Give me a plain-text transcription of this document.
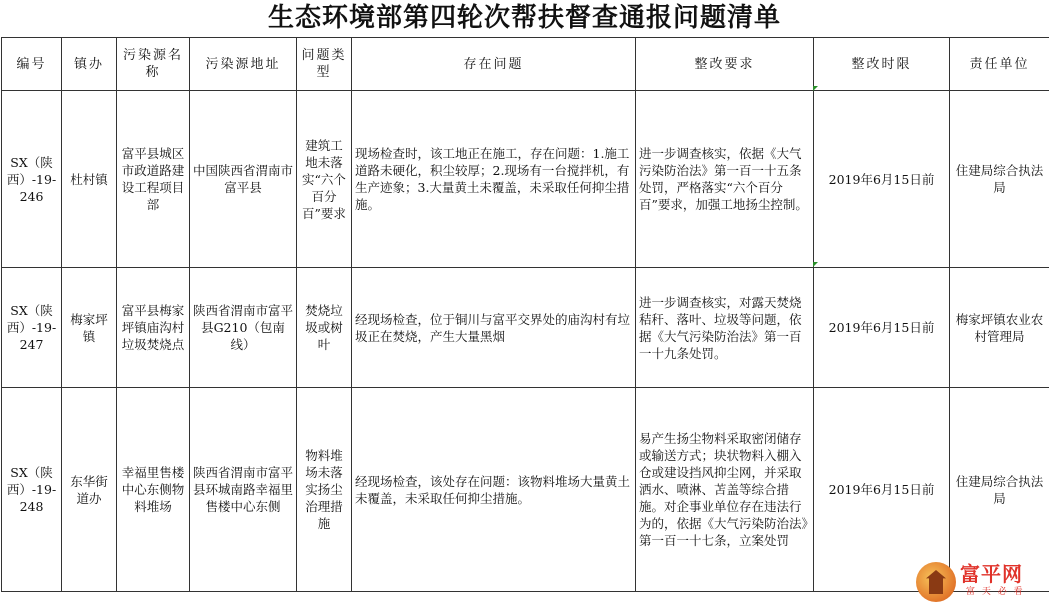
生态环境部第四轮次帮扶督查通报问题清单
编号	镇办	污染源名称	污染源地址	问题类型	存在问题	整改要求	整改时限	责任单位
SX（陕西）-19-246	杜村镇	富平县城区市政道路建设工程项目部	中国陕西省渭南市富平县	建筑工地未落实“六个百分百”要求	现场检查时，该工地正在施工，存在问题：1.施工道路未硬化，积尘较厚；2.现场有一台搅拌机，有生产迹象；3.大量黄土未覆盖，未采取任何抑尘措施。	进一步调查核实，依据《大气污染防治法》第一百一十五条处罚，严格落实“六个百分百”要求，加强工地扬尘控制。	2019年6月15日前	住建局综合执法局
SX（陕西）-19-247	梅家坪镇	富平县梅家坪镇庙沟村垃圾焚烧点	陕西省渭南市富平县G210（包南线）	焚烧垃圾或树叶	经现场检查，位于铜川与富平交界处的庙沟村有垃圾正在焚烧，产生大量黑烟	进一步调查核实，对露天焚烧秸秆、落叶、垃圾等问题，依据《大气污染防治法》第一百一十九条处罚。	2019年6月15日前	梅家坪镇农业农村管理局
SX（陕西）-19-248	东华街道办	幸福里售楼中心东侧物料堆场	陕西省渭南市富平县环城南路幸福里售楼中心东侧	物料堆场未落实扬尘治理措施	经现场检查，该处存在问题：该物料堆场大量黄土未覆盖，未采取任何抑尘措施。	易产生扬尘物料采取密闭储存或输送方式；块状物料入棚入仓或建设挡风抑尘网，并采取洒水、喷淋、苫盖等综合措施。对企事业单位存在违法行为的，依据《大气污染防治法》第一百一十七条，立案处罚	2019年6月15日前	住建局综合执法局
富平网
富 天 必 看
